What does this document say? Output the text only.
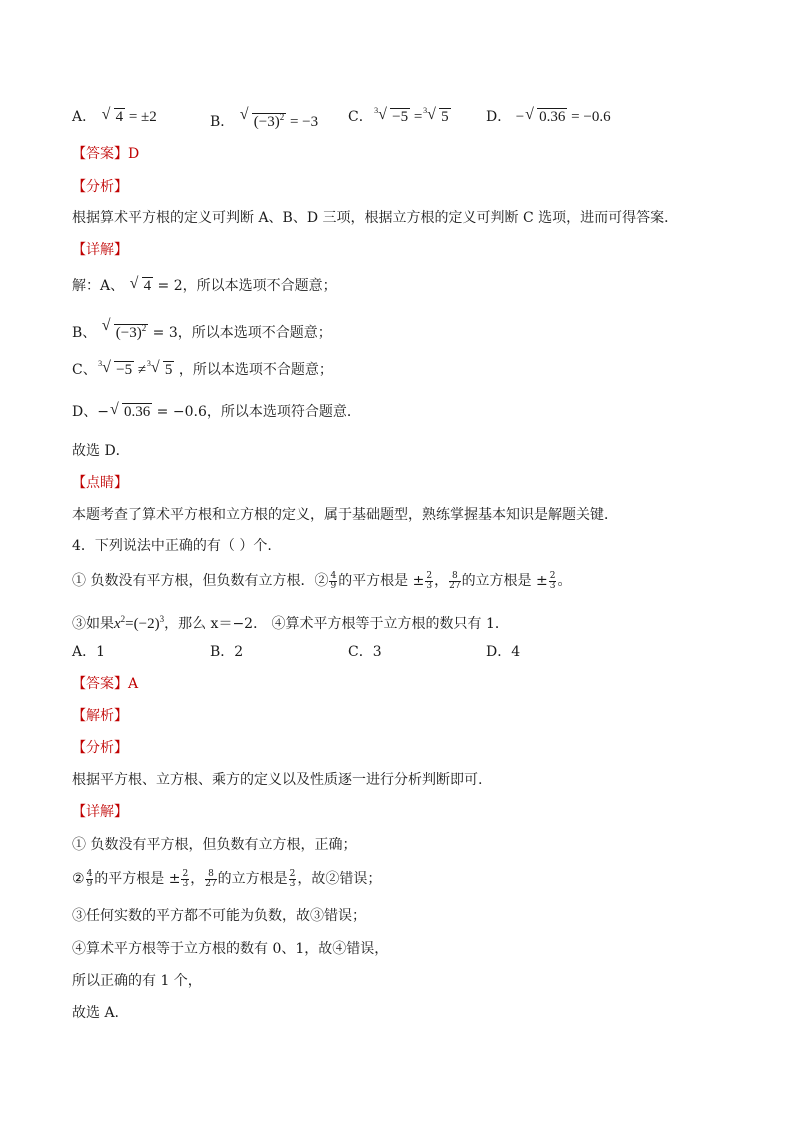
A． √ 4 = ±2	B． √ $(-3)^2 = -3$ C． 3 √ −5 = 3 √ 5	D． − √ 0.36 = −0.6
【答案】D
【分析】
根据算术平方根的定义可判断 A、B、D 三项，根据立方根的定义可判断 C 选项，进而可得答案．
【详解】
解：A、 √ 4 = 2，所以本选项不合题意；
B、 √ $(-3)^2 = 3$，所以本选项不合题意；
C、 3 √ −5 ≠ 3 √ 5 ，所以本选项不合题意；
D、− √ 0.36 = −0.6，所以本选项符合题意．
故选 D．
【点睛】
本题考查了算术平方根和立方根的定义，属于基础题型，熟练掌握基本知识是解题关键．
4．下列说法中正确的有（ ）个.
① 负数没有平方根，但负数有立方根．② $\frac{4}{9}$ 的平方根是 ± $\frac{2}{3}$ ， $\frac{8}{27}$ 的立方根是 ± $\frac{2}{3}$ 。
③如果$x^2=(-2)^3$，那么 x＝−2． ④算术平方根等于立方根的数只有 1．
A．1	B．2	C．3	D．4
【答案】A
【解析】
【分析】
根据平方根、立方根、乘方的定义以及性质逐一进行分析判断即可.
【详解】
① 负数没有平方根，但负数有立方根，正确；
② $\frac{4}{9}$ 的平方根是 ± $\frac{2}{3}$ ， $\frac{8}{27}$ 的立方根是 $\frac{2}{3}$ ，故②错误；
③任何实数的平方都不可能为负数，故③错误；
④算术平方根等于立方根的数有 0、1，故④错误，
所以正确的有 1 个，
故选 A.
